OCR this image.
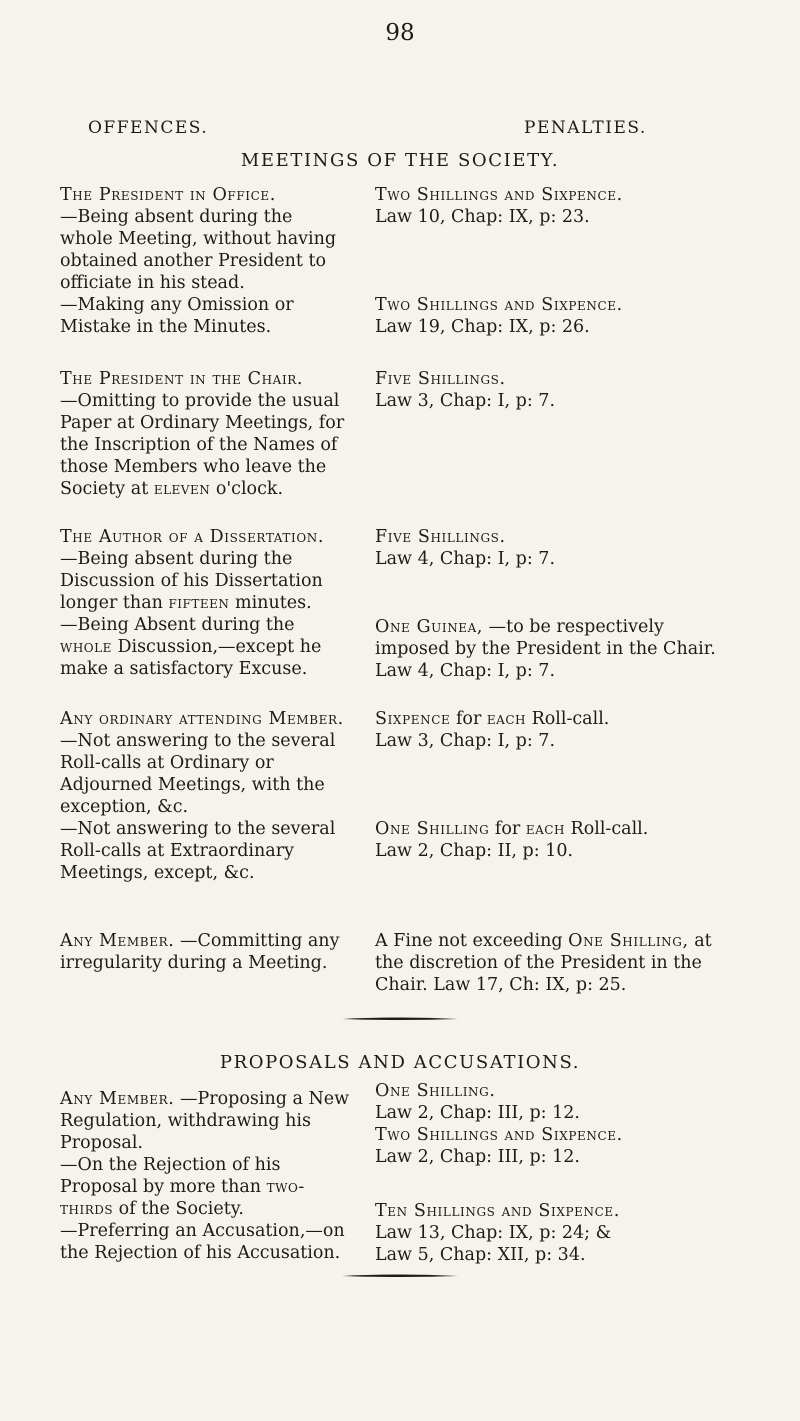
98
OFFENCES.	PENALTIES.
MEETINGS OF THE SOCIETY.
The President in Office.
—Being absent during the whole Meeting, without having obtained another President to officiate in his stead.
—Making any Omission or Mistake in the Minutes.
Two Shillings and Sixpence.
Law 10, Chap: IX, p: 23.
Two Shillings and Sixpence.
Law 19, Chap: IX, p: 26.
The President in the Chair.
—Omitting to provide the usual Paper at Ordinary Meetings, for the Inscription of the Names of those Members who leave the Society at eleven o'clock.
Five Shillings.
Law 3, Chap: I, p: 7.
The Author of a Dissertation.
—Being absent during the Discussion of his Dissertation longer than fifteen minutes.
—Being Absent during the whole Discussion,—except he make a satisfactory Excuse.
Five Shillings.
Law 4, Chap: I, p: 7.
One Guinea, —to be respectively imposed by the President in the Chair.
Law 4, Chap: I, p: 7.
Any ordinary attending Member.
—Not answering to the several Roll-calls at Ordinary or Adjourned Meetings, with the exception, &c.
—Not answering to the several Roll-calls at Extraordinary Meetings, except, &c.
Sixpence for each Roll-call.
Law 3, Chap: I, p: 7.
One Shilling for each Roll-call.
Law 2, Chap: II, p: 10.
Any Member. —Committing any irregularity during a Meeting.
A Fine not exceeding One Shilling, at the discretion of the President in the Chair. Law 17, Ch: IX, p: 25.
PROPOSALS AND ACCUSATIONS.
Any Member. —Proposing a New Regulation, withdrawing his Proposal.
—On the Rejection of his Proposal by more than two-thirds of the Society.
—Preferring an Accusation,—on the Rejection of his Accusation.
One Shilling.
Law 2, Chap: III, p: 12.
Two Shillings and Sixpence.
Law 2, Chap: III, p: 12.
Ten Shillings and Sixpence.
Law 13, Chap: IX, p: 24; &
Law 5, Chap: XII, p: 34.
